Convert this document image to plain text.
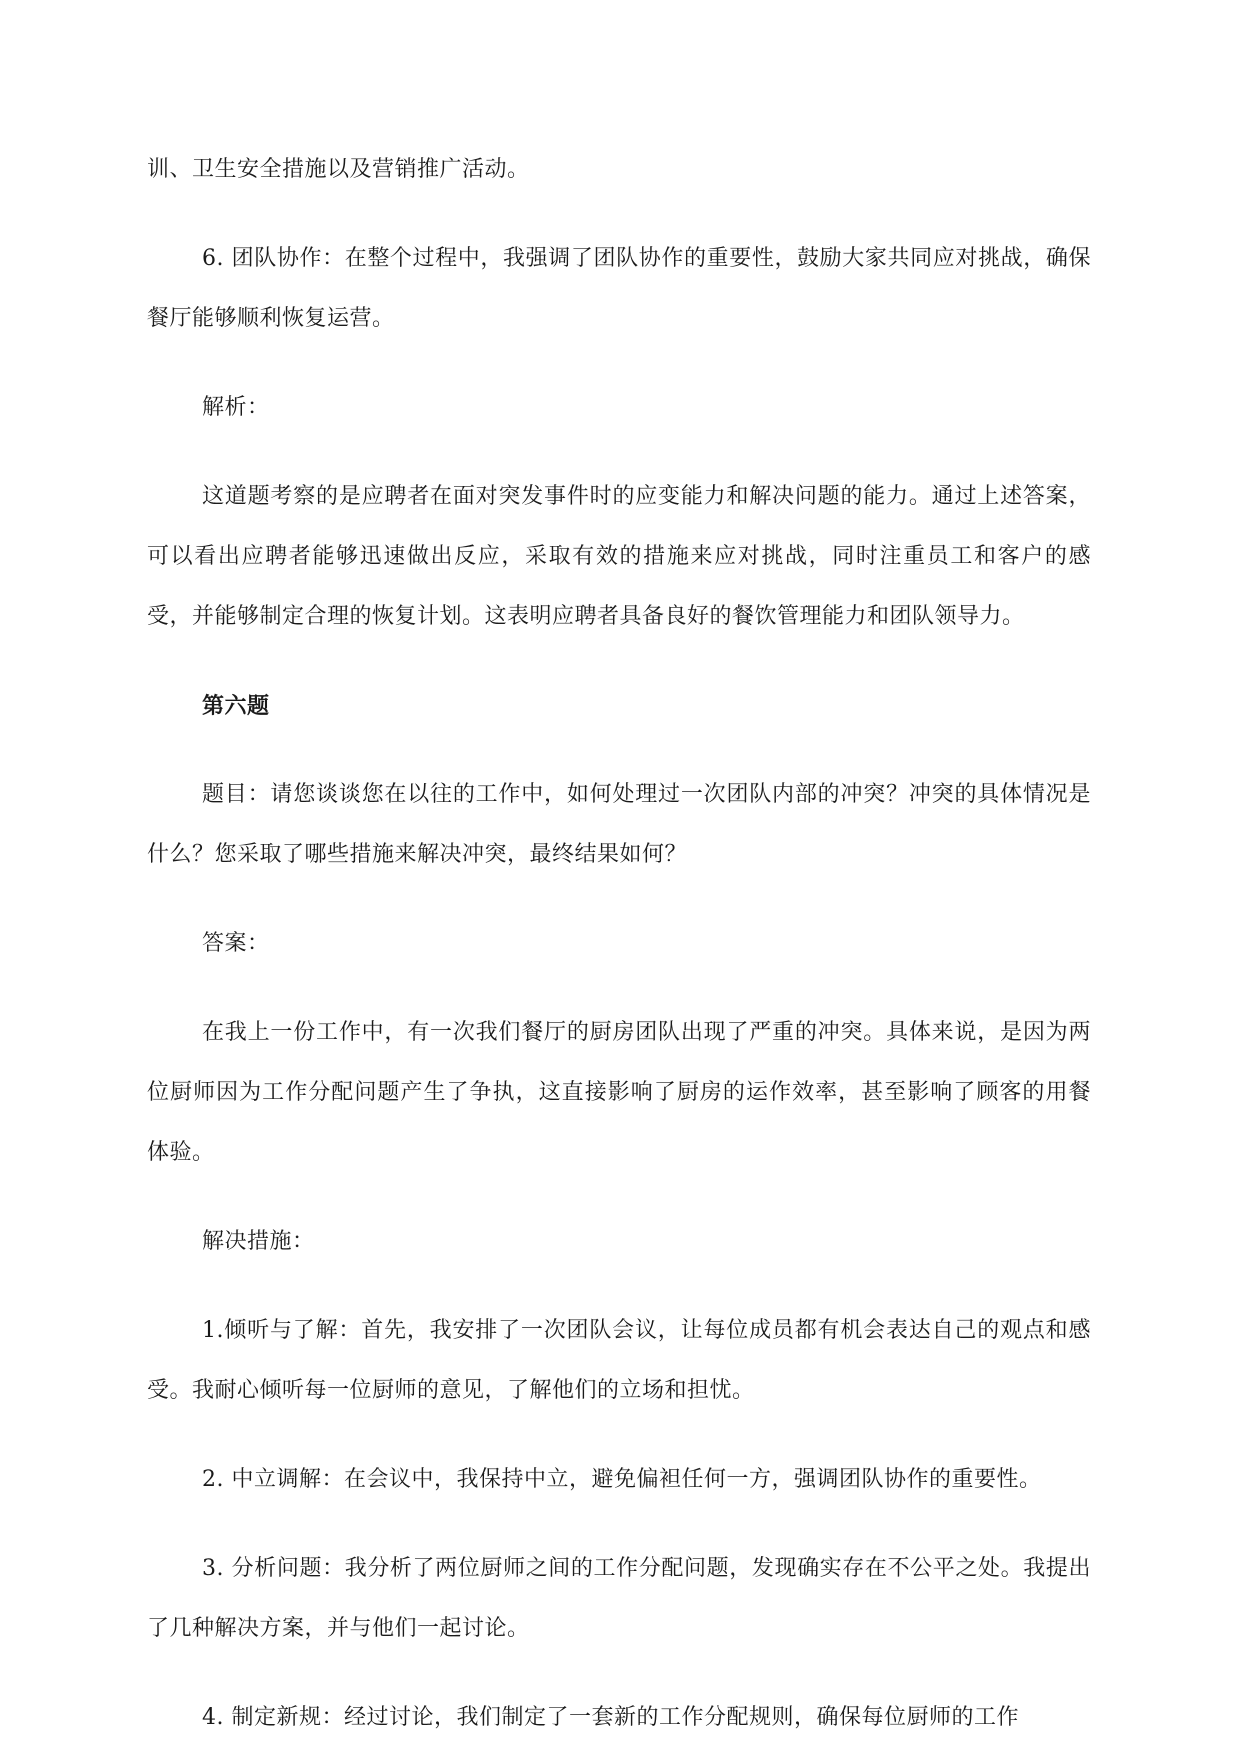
训、卫生安全措施以及营销推广活动。

6. 团队协作：在整个过程中，我强调了团队协作的重要性，鼓励大家共同应对挑战，确保餐厅能够顺利恢复运营。

解析：

这道题考察的是应聘者在面对突发事件时的应变能力和解决问题的能力。通过上述答案，可以看出应聘者能够迅速做出反应，采取有效的措施来应对挑战，同时注重员工和客户的感受，并能够制定合理的恢复计划。这表明应聘者具备良好的餐饮管理能力和团队领导力。

第六题

题目：请您谈谈您在以往的工作中，如何处理过一次团队内部的冲突？冲突的具体情况是什么？您采取了哪些措施来解决冲突，最终结果如何？

答案：

在我上一份工作中，有一次我们餐厅的厨房团队出现了严重的冲突。具体来说，是因为两位厨师因为工作分配问题产生了争执，这直接影响了厨房的运作效率，甚至影响了顾客的用餐体验。

解决措施：

1.倾听与了解：首先，我安排了一次团队会议，让每位成员都有机会表达自己的观点和感受。我耐心倾听每一位厨师的意见，了解他们的立场和担忧。

2. 中立调解：在会议中，我保持中立，避免偏袒任何一方，强调团队协作的重要性。

3. 分析问题：我分析了两位厨师之间的工作分配问题，发现确实存在不公平之处。我提出了几种解决方案，并与他们一起讨论。

4. 制定新规：经过讨论，我们制定了一套新的工作分配规则，确保每位厨师的工作
